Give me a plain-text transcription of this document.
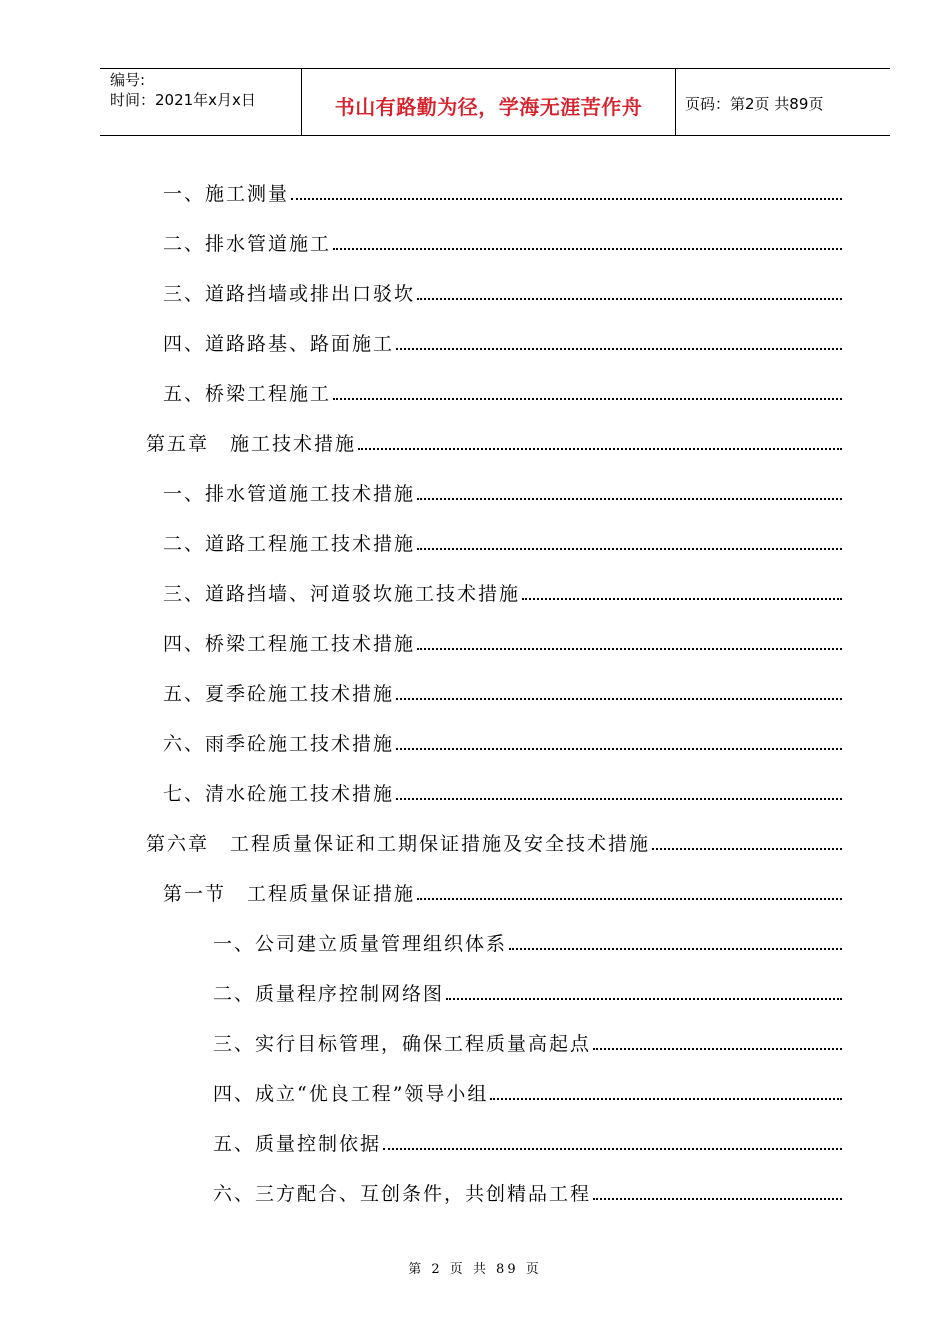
编号:
时间：2021年x月x日	书山有路勤为径，学海无涯苦作舟	页码：第2页 共89页
一、施工测量
二、排水管道施工
三、道路挡墙或排出口驳坎
四、道路路基、路面施工
五、桥梁工程施工
第五章　施工技术措施
一、排水管道施工技术措施
二、道路工程施工技术措施
三、道路挡墙、河道驳坎施工技术措施
四、桥梁工程施工技术措施
五、夏季砼施工技术措施
六、雨季砼施工技术措施
七、清水砼施工技术措施
第六章　工程质量保证和工期保证措施及安全技术措施
第一节　工程质量保证措施
一、公司建立质量管理组织体系
二、质量程序控制网络图
三、实行目标管理，确保工程质量高起点
四、成立“优良工程”领导小组
五、质量控制依据
六、三方配合、互创条件，共创精品工程
第 2 页 共 89 页
